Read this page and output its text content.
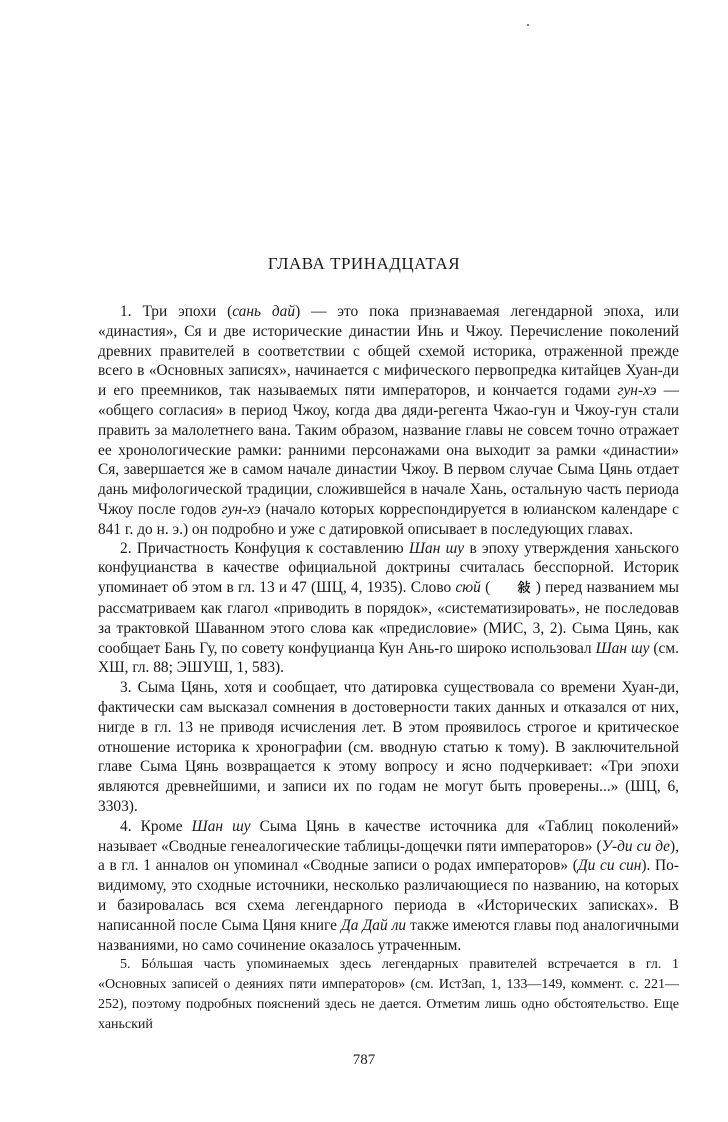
ГЛАВА ТРИНАДЦАТАЯ

1. Три эпохи (сань дай) — это пока признаваемая легендарной эпоха, или «династия», Ся и две исторические династии Инь и Чжоу. Перечисление поколений древних правителей в соответствии с общей схемой историка, отраженной прежде всего в «Основных записях», начинается с мифического первопредка китайцев Хуан-ди и его преемников, так называемых пяти императоров, и кончается годами гун-хэ — «общего согласия» в период Чжоу, когда два дяди-регента Чжао-гун и Чжоу-гун стали править за малолетнего вана. Таким образом, название главы не совсем точно отражает ее хронологические рамки: ранними персонажами она выходит за рамки «династии» Ся, завершается же в самом начале династии Чжоу. В первом случае Сыма Цянь отдает дань мифологической традиции, сложившейся в начале Хань, остальную часть периода Чжоу после годов гун-хэ (начало которых корреспондируется в юлианском календаре с 841 г. до н. э.) он подробно и уже с датировкой описывает в последующих главах.

2. Причастность Конфуция к составлению Шан шу в эпоху утверждения ханьского конфуцианства в качестве официальной доктрины считалась бесспорной. Историк упоминает об этом в гл. 13 и 47 (ШЦ, 4, 1935). Слово сюй ( 敍 ) перед названием мы рассматриваем как глагол «приводить в порядок», «систематизировать», не последовав за трактовкой Шаванном этого слова как «предисловие» (МИС, 3, 2). Сыма Цянь, как сообщает Бань Гу, по совету конфуцианца Кун Ань-го широко использовал Шан шу (см. ХШ, гл. 88; ЭШУШ, 1, 583).

3. Сыма Цянь, хотя и сообщает, что датировка существовала со времени Хуан-ди, фактически сам высказал сомнения в достоверности таких данных и отказался от них, нигде в гл. 13 не приводя исчисления лет. В этом проявилось строгое и критическое отношение историка к хронографии (см. вводную статью к тому). В заключительной главе Сыма Цянь возвращается к этому вопросу и ясно подчеркивает: «Три эпохи являются древнейшими, и записи их по годам не могут быть проверены...» (ШЦ, 6, 3303).

4. Кроме Шан шу Сыма Цянь в качестве источника для «Таблиц поколений» называет «Сводные генеалогические таблицы-дощечки пяти императоров» (У-ди си де), а в гл. 1 анналов он упоминал «Сводные записи о родах императоров» (Ди си син). По-видимому, это сходные источники, несколько различающиеся по названию, на которых и базировалась вся схема легендарного периода в «Исторических записках». В написанной после Сыма Цяня книге Да Дай ли также имеются главы под аналогичными названиями, но само сочинение оказалось утраченным.

5. Бóльшая часть упоминаемых здесь легендарных правителей встречается в гл. 1 «Основных записей о деяниях пяти императоров» (см. ИстЗап, 1, 133—149, коммент. с. 221—252), поэтому подробных пояснений здесь не дается. Отметим лишь одно обстоятельство. Еще ханьский

787
